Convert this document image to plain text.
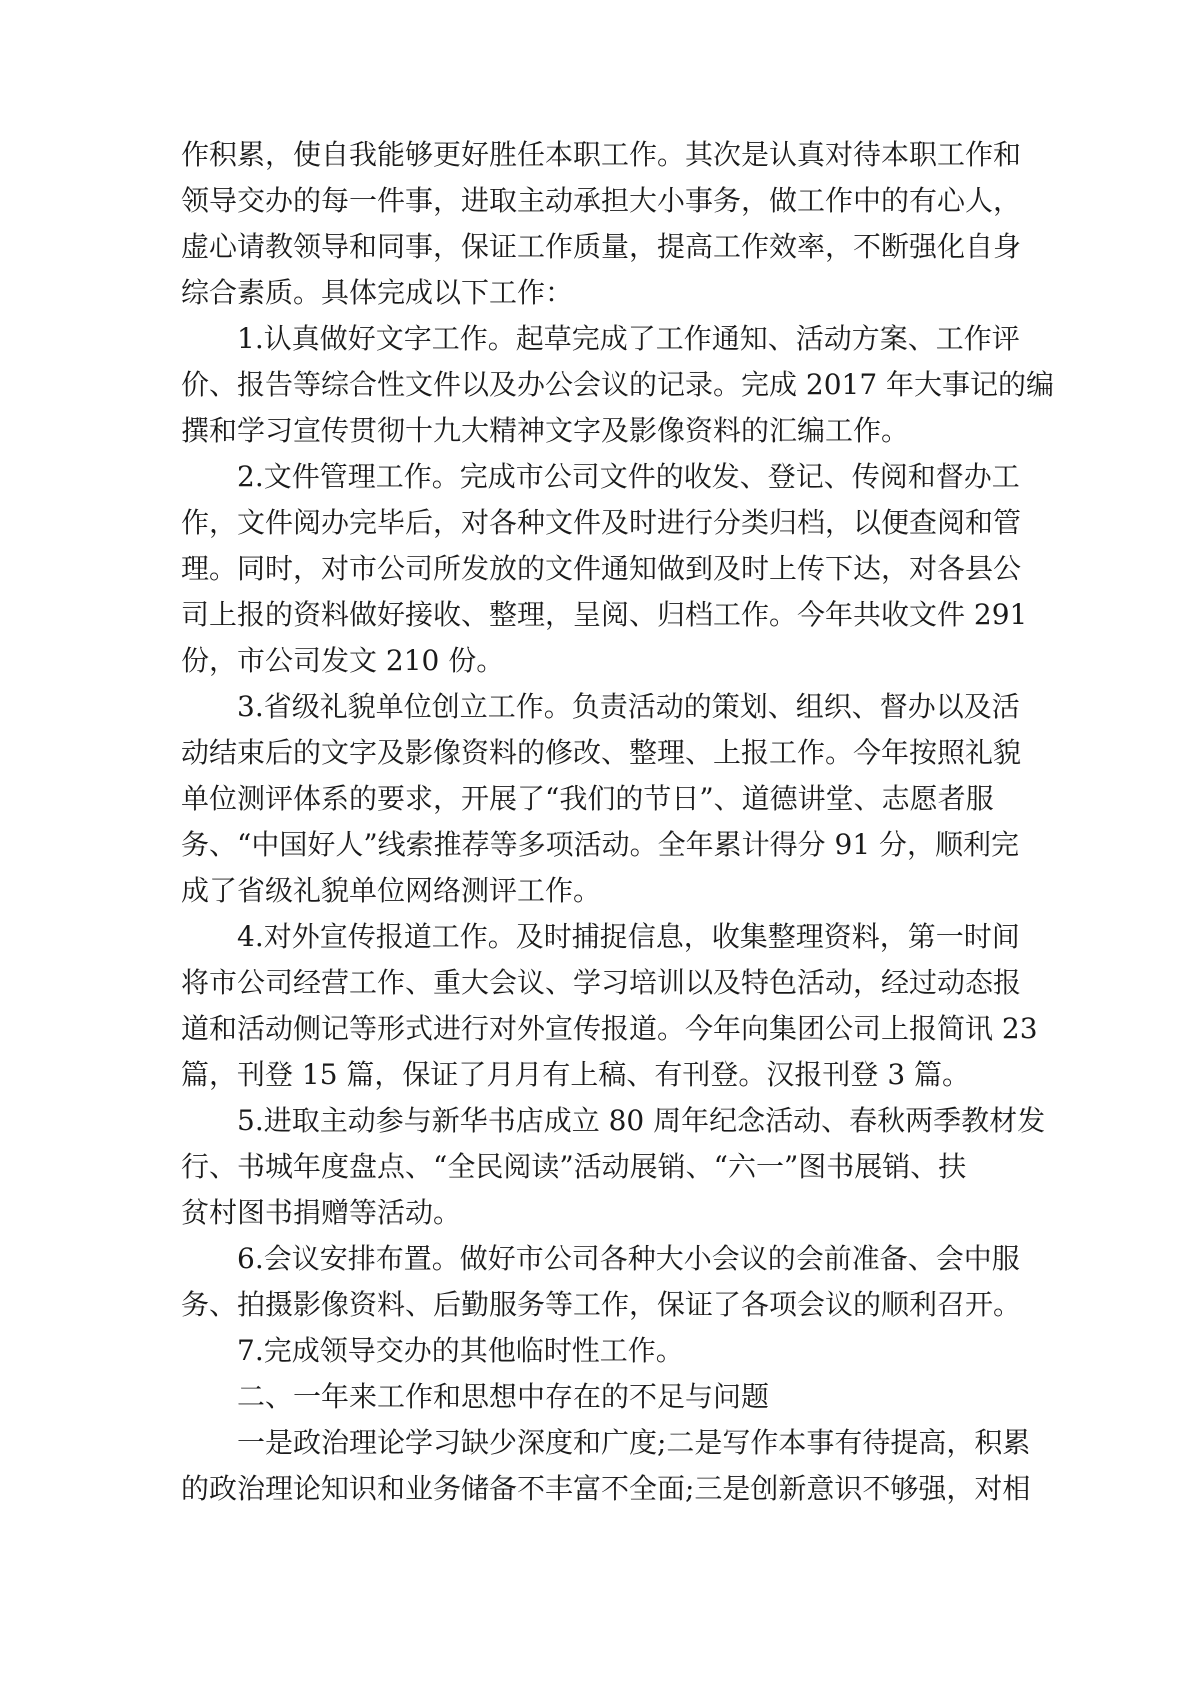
作积累，使自我能够更好胜任本职工作。其次是认真对待本职工作和
领导交办的每一件事，进取主动承担大小事务，做工作中的有心人，
虚心请教领导和同事，保证工作质量，提高工作效率，不断强化自身
综合素质。具体完成以下工作：
1.认真做好文字工作。起草完成了工作通知、活动方案、工作评
价、报告等综合性文件以及办公会议的记录。完成 2017 年大事记的编
撰和学习宣传贯彻十九大精神文字及影像资料的汇编工作。
2.文件管理工作。完成市公司文件的收发、登记、传阅和督办工
作，文件阅办完毕后，对各种文件及时进行分类归档，以便查阅和管
理。同时，对市公司所发放的文件通知做到及时上传下达，对各县公
司上报的资料做好接收、整理，呈阅、归档工作。今年共收文件 291
份，市公司发文 210 份。
3.省级礼貌单位创立工作。负责活动的策划、组织、督办以及活
动结束后的文字及影像资料的修改、整理、上报工作。今年按照礼貌
单位测评体系的要求，开展了“我们的节日”、道德讲堂、志愿者服
务、“中国好人”线索推荐等多项活动。全年累计得分 91 分，顺利完
成了省级礼貌单位网络测评工作。
4.对外宣传报道工作。及时捕捉信息，收集整理资料，第一时间
将市公司经营工作、重大会议、学习培训以及特色活动，经过动态报
道和活动侧记等形式进行对外宣传报道。今年向集团公司上报简讯 23
篇，刊登 15 篇，保证了月月有上稿、有刊登。汉报刊登 3 篇。
5.进取主动参与新华书店成立 80 周年纪念活动、春秋两季教材发
行、书城年度盘点、“全民阅读”活动展销、“六一”图书展销、扶
贫村图书捐赠等活动。
6.会议安排布置。做好市公司各种大小会议的会前准备、会中服
务、拍摄影像资料、后勤服务等工作，保证了各项会议的顺利召开。
7.完成领导交办的其他临时性工作。
二、一年来工作和思想中存在的不足与问题
一是政治理论学习缺少深度和广度;二是写作本事有待提高，积累
的政治理论知识和业务储备不丰富不全面;三是创新意识不够强，对相
